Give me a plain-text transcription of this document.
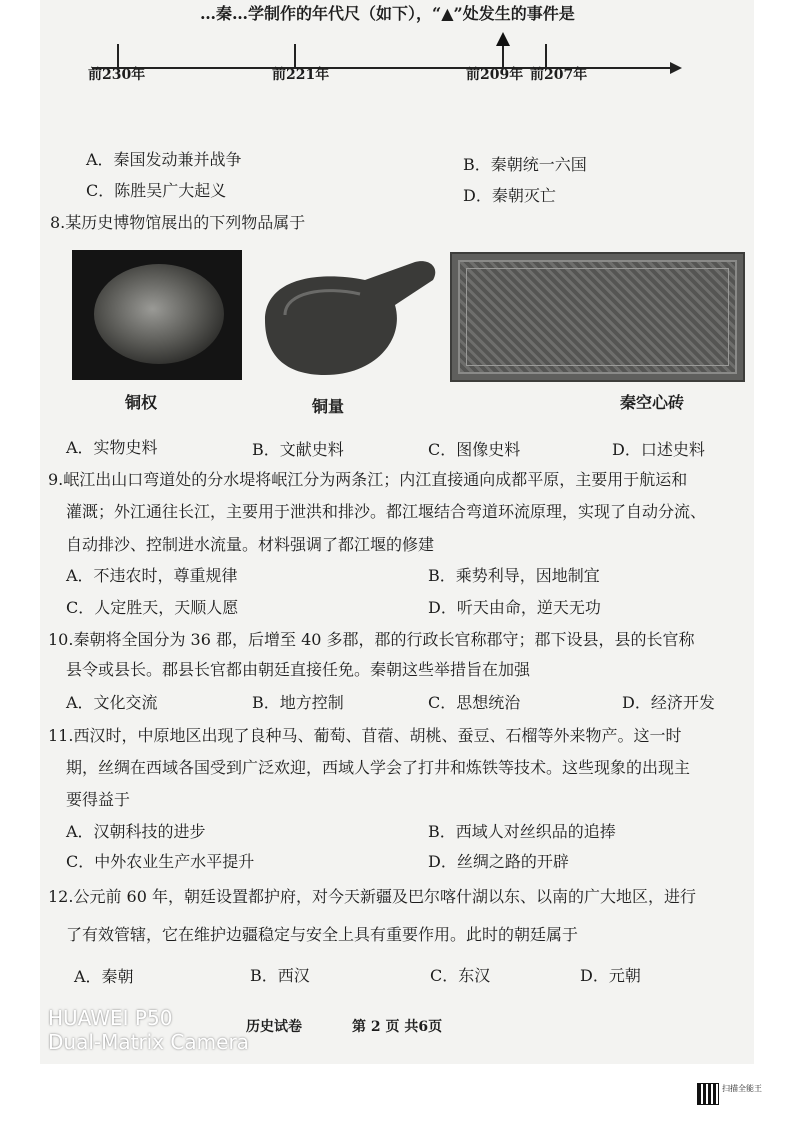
…秦…学制作的年代尺（如下），“▲”处发生的事件是
前230年	前221年	前209年 前207年
A．秦国发动兼并战争	B．秦朝统一六国
C．陈胜吴广大起义	D．秦朝灭亡
8.某历史博物馆展出的下列物品属于
铜权	铜量	秦空心砖
A．实物史料	B．文献史料	C．图像史料	D．口述史料
9.岷江出山口弯道处的分水堤将岷江分为两条江；内江直接通向成都平原，主要用于航运和
灌溉；外江通往长江，主要用于泄洪和排沙。都江堰结合弯道环流原理，实现了自动分流、
自动排沙、控制进水流量。材料强调了都江堰的修建
A．不违农时，尊重规律	B．乘势利导，因地制宜
C．人定胜天，天顺人愿	D．听天由命，逆天无功
10.秦朝将全国分为 36 郡，后增至 40 多郡，郡的行政长官称郡守；郡下设县，县的长官称
县令或县长。郡县长官都由朝廷直接任免。秦朝这些举措旨在加强
A．文化交流	B．地方控制	C．思想统治	D．经济开发
11.西汉时，中原地区出现了良种马、葡萄、苜蓿、胡桃、蚕豆、石榴等外来物产。这一时
期，丝绸在西域各国受到广泛欢迎，西域人学会了打井和炼铁等技术。这些现象的出现主
要得益于
A．汉朝科技的进步	B．西域人对丝织品的追捧
C．中外农业生产水平提升	D．丝绸之路的开辟
12.公元前 60 年，朝廷设置都护府，对今天新疆及巴尔喀什湖以东、以南的广大地区，进行
了有效管辖，它在维护边疆稳定与安全上具有重要作用。此时的朝廷属于
A．秦朝	B．西汉	C．东汉	D．元朝
HUAWEI P50
Dual-Matrix Camera
历史试卷	第 2 页 共6页
扫描全能王
